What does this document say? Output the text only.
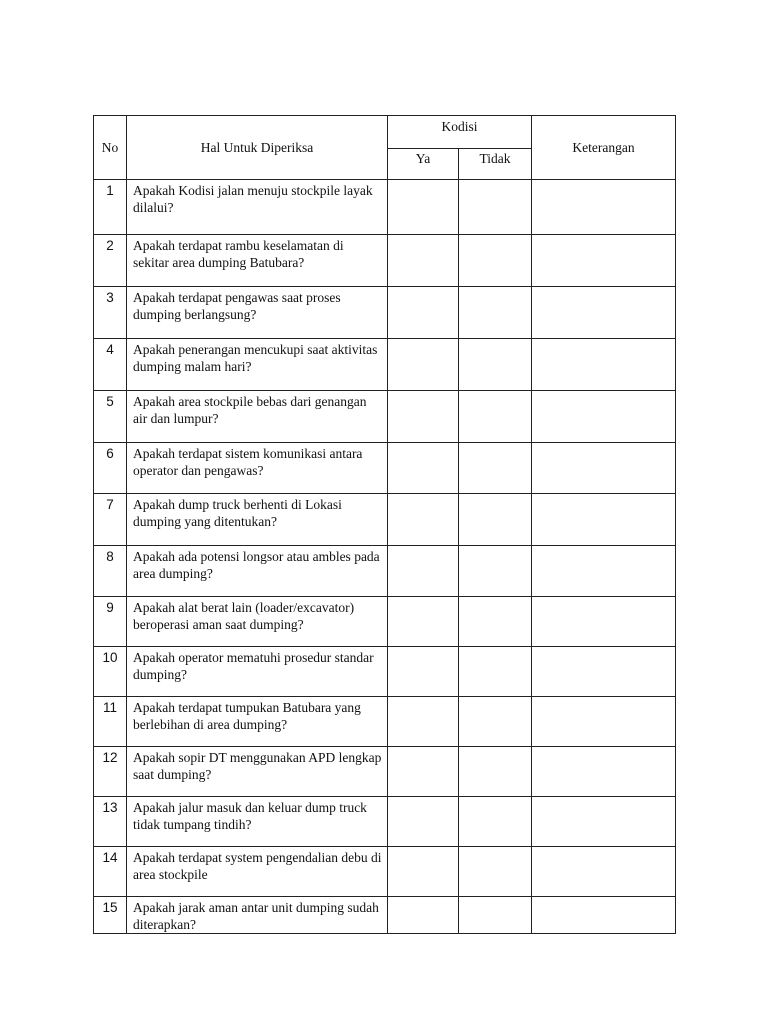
No	Hal Untuk Diperiksa	Kodisi		Keterangan
		Ya	Tidak	
1	Apakah Kodisi jalan menuju stockpile layak dilalui?			
2	Apakah terdapat rambu keselamatan di sekitar area dumping Batubara?			
3	Apakah terdapat pengawas saat proses dumping berlangsung?			
4	Apakah penerangan mencukupi saat aktivitas dumping malam hari?			
5	Apakah area stockpile bebas dari genangan air dan lumpur?			
6	Apakah terdapat sistem komunikasi antara operator dan pengawas?			
7	Apakah dump truck berhenti di Lokasi dumping yang ditentukan?			
8	Apakah ada potensi longsor atau ambles pada area dumping?			
9	Apakah alat berat lain (loader/excavator) beroperasi aman saat dumping?			
10	Apakah operator mematuhi prosedur standar dumping?			
11	Apakah terdapat tumpukan Batubara yang berlebihan di area dumping?			
12	Apakah sopir DT menggunakan APD lengkap saat dumping?			
13	Apakah jalur masuk dan keluar dump truck tidak tumpang tindih?			
14	Apakah terdapat system pengendalian debu di area stockpile			
15	Apakah jarak aman antar unit dumping sudah diterapkan?			
